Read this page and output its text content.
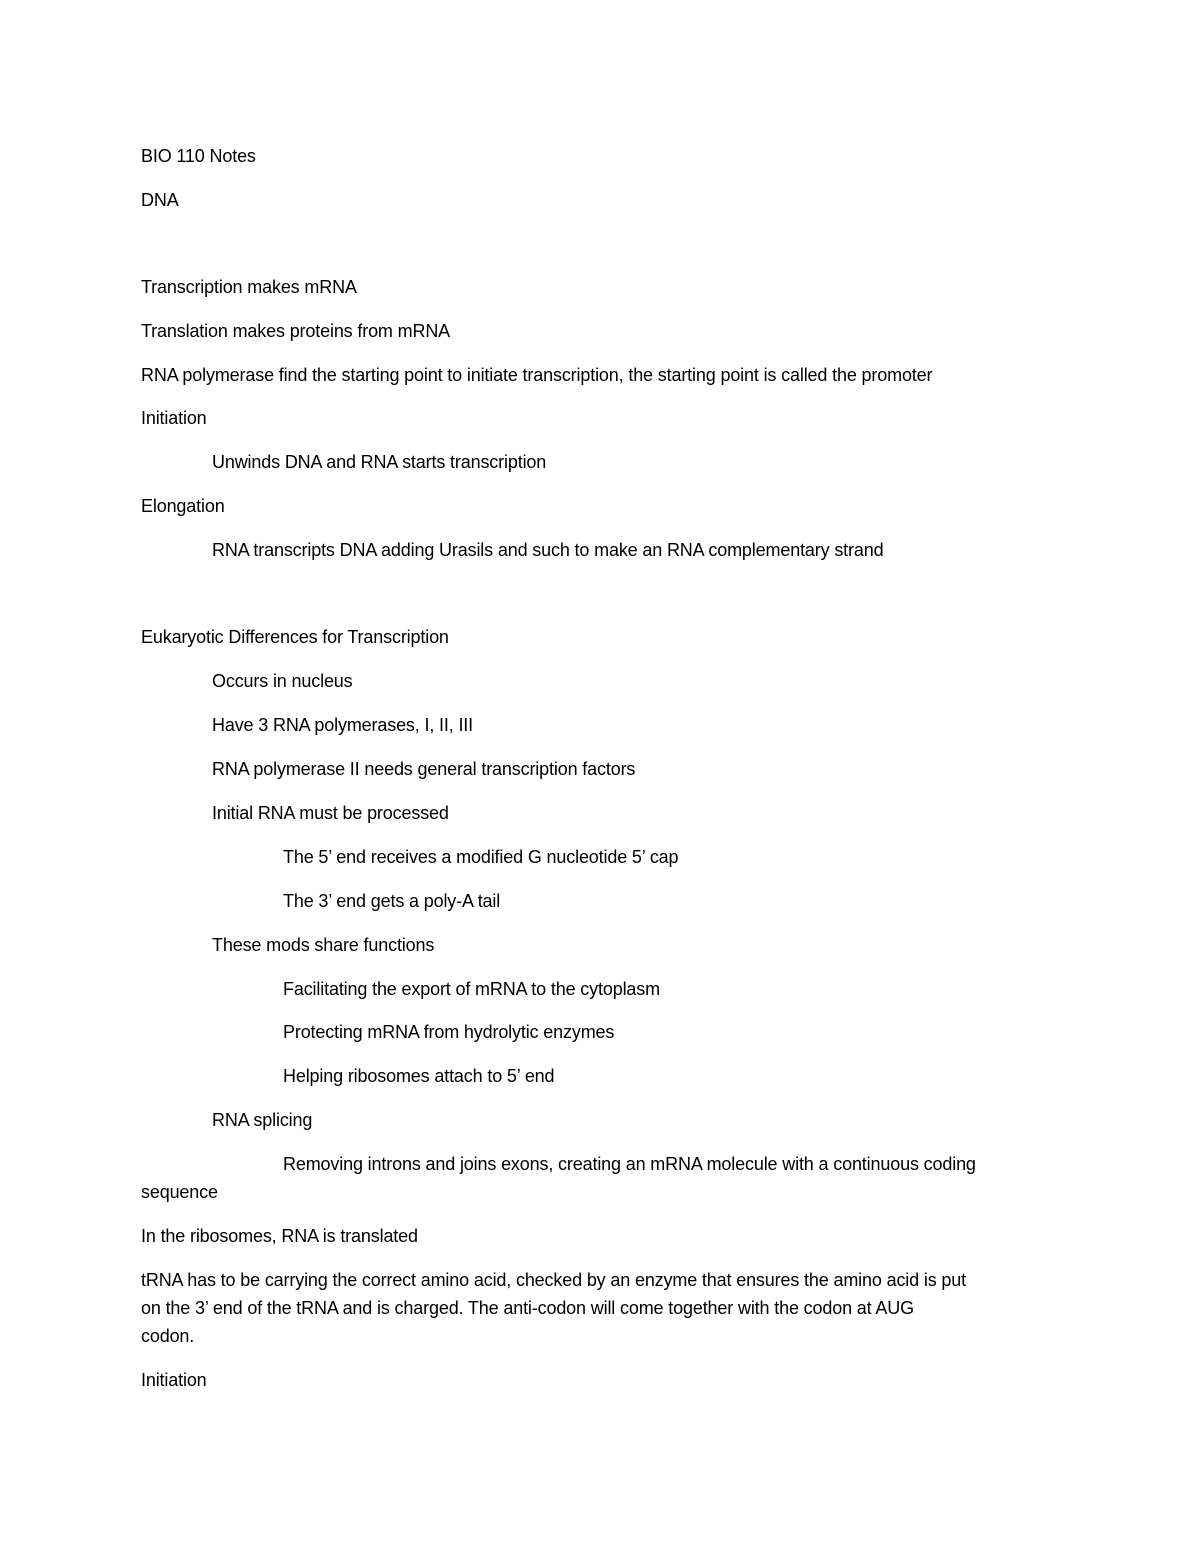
BIO 110 Notes
DNA
Transcription makes mRNA
Translation makes proteins from mRNA
RNA polymerase find the starting point to initiate transcription, the starting point is called the promoter
Initiation
Unwinds DNA and RNA starts transcription
Elongation
RNA transcripts DNA adding Urasils and such to make an RNA complementary strand
Eukaryotic Differences for Transcription
Occurs in nucleus
Have 3 RNA polymerases, I, II, III
RNA polymerase II needs general transcription factors
Initial RNA must be processed
The 5’ end receives a modified G nucleotide 5’ cap
The 3’ end gets a poly-A tail
These mods share functions
Facilitating the export of mRNA to the cytoplasm
Protecting mRNA from hydrolytic enzymes
Helping ribosomes attach to 5’ end
RNA splicing
Removing introns and joins exons, creating an mRNA molecule with a continuous coding
sequence
In the ribosomes, RNA is translated
tRNA has to be carrying the correct amino acid, checked by an enzyme that ensures the amino acid is put
on the 3’ end of the tRNA and is charged. The anti-codon will come together with the codon at AUG
codon.
Initiation
